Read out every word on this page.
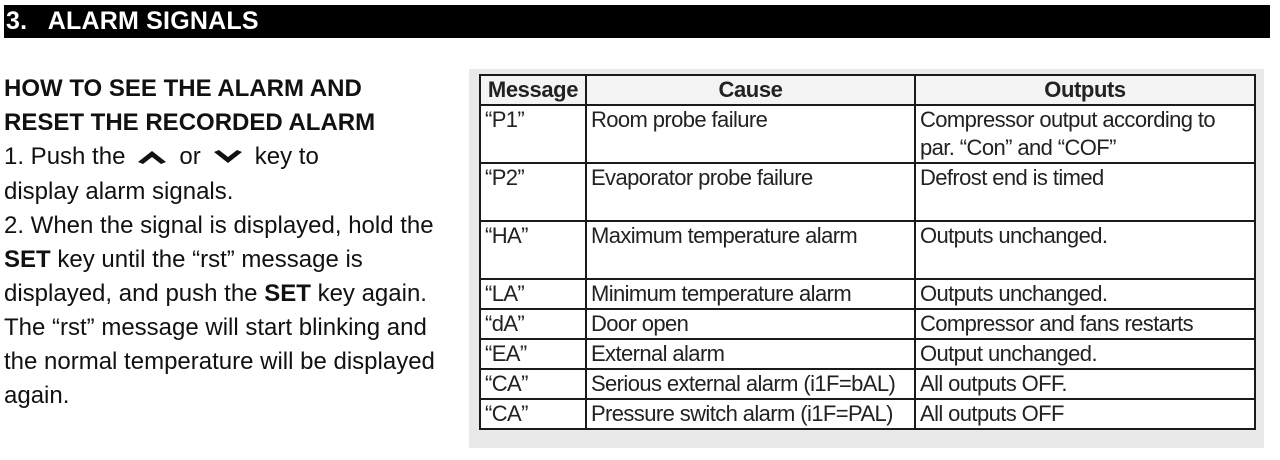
3. ALARM SIGNALS
HOW TO SEE THE ALARM AND
RESET THE RECORDED ALARM

1. Push the or key to
display alarm signals.

2. When the signal is displayed, hold the SET key until the “rst” message is displayed, and push the SET key again. The “rst” message will start blinking and the normal temperature will be displayed again.

Message	Cause	Outputs
“P1”	Room probe failure	Compressor output according to par. “Con” and “COF”
“P2”	Evaporator probe failure	Defrost end is timed
“HA”	Maximum temperature alarm	Outputs unchanged.
“LA”	Minimum temperature alarm	Outputs unchanged.
“dA”	Door open	Compressor and fans restarts
“EA”	External alarm	Output unchanged.
“CA”	Serious external alarm (i1F=bAL)	All outputs OFF.
“CA”	Pressure switch alarm (i1F=PAL)	All outputs OFF
